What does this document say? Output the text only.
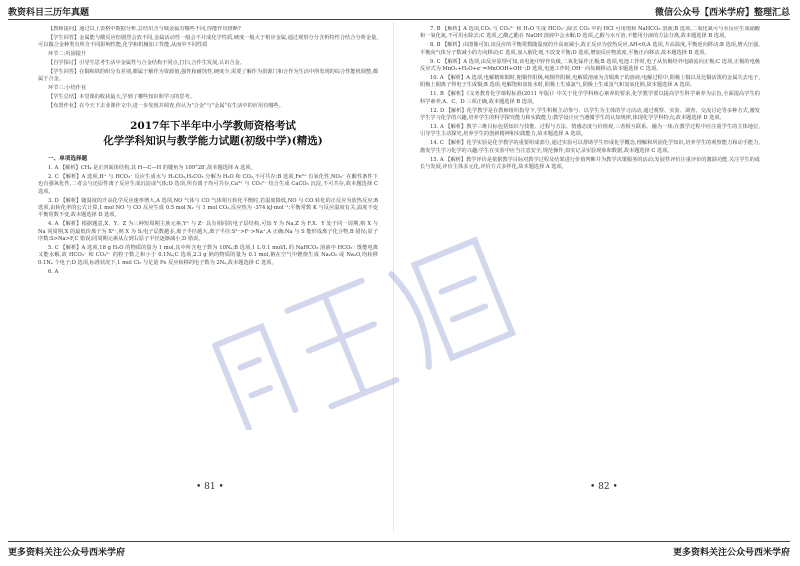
教资科目三历年真题	微信公众号【西米学府】整理汇总

【教师提问】通过以上表格中数据分析,总结出含与城金属有哪些不同,你能作出推断?

【学生回答】金属能与酸反应但剧烈会放不同,金属活动性一般会不并成化学性质,硬度一般大于相应金属,通过观察分分含析特性合结合分析金量,可以做合金种类有所含不同影响性能,化学和机械加工性能,从而中不同性质

环节二:巩固提升

【自学探讨】引导生思考生活中金属性与合金结构不同点,打扫,合作生发展,认识合金。

【学生回答】在铜和铁的组分有差别,都属于解作为资源值,强性和耐蚀性,硬度少,需要了解作为资源门和合作为生活中所发现的综合性能机调整,都属于合金。

环节三:小结作业

【学生总结】本堂课的收获最大,学到了哪些知识和学习的思考。

【布置作业】在今天下去业课作文中,进一步发现并调查,你认为"合金"与"金属"在生活中的应用有哪些。

2017年下半年中小学教师资格考试

化学学科知识与教学能力试题(初级中学)(精选)

一、单项选择题

1. A 【解析】CH₄ 是正四面体结构,其 H—C—H 的键角为 109°28′,故本题选择 A 选项。

2. C 【解析】A 选项,H⁺ 与 HCO₃⁻ 反应生成水与 H₂CO₃,H₂CO₃ 分解为 H₂O 和 CO₂,不可共存;B 选项,Fe³⁺ 有氧化性,NO₃⁻ 在酸性条件下也有强氧化性,二者会与还原性离子反应生成沉淀或气体;D 选项,所有离子均可共存,Ca²⁺ 与 CO₃²⁻ 结合生成 CaCO₃ 沉淀,不可共存,故本题选择 C 选项。

3. D 【解析】随温度的升高化学反应速率增大,A 选项,NO 气体与 CO 气体相互转化平衡时,若温度降低,NO 与 CO 转化的正反应为放热反应;B 选项,由转化率的公式计算,1 mol NO 与 CO 反应生成 0.5 mol N₂ 与 1 mol CO₂,反应热为 -374 kJ·mol⁻¹;平衡常数 K 与反应温度有关,温度不变平衡常数不变,故本题选择 D 选项。

4. A 【解析】根据题意,X、Y、Z 为三种短周期主族元素,Y⁺ 与 Z⁻ 具有相同的电子层结构,可知 Y 为 Na,Z 为 F,X、Y 处于同一周期,则 X 与 Na 同周期,X 的最低价离子为 X²⁻,则 X 为 S;电子层数越多,离子半径越大,离子半径:S²⁻>F⁻>Na⁺,A 正确;Na 与 S 能形成离子化合物,B 错误;原子序数:S>Na>F,C 错误;同周期元素从左到右原子半径逐渐减小,D 错误。

5. C 【解析】A 选项,18 g H₂O 的物质的量为 1 mol,其中所含电子数为 10Nₐ;B 选项,1 L 0.1 mol/L 的 NaHCO₃ 溶液中 HCO₃⁻ 既能电离又能水解,故 HCO₃⁻ 和 CO₃²⁻ 的粒子数之和小于 0.1Nₐ;C 选项,2.3 g 钠的物质的量为 0.1 mol,钠在空气中燃烧生成 Na₂O₂ 或 Na₂O,均转移 0.1Nₐ 个电子;D 选项,标准状况下,1 mol Cl₂ 与足量 Fe 反应转移的电子数为 2Nₐ,故本题选择 C 选项。

6. A

• 81 •

7. B 【解析】A 选项,CO₂ 与 CO₃²⁻ 和 H₂O 生成 HCO₃⁻,除去 CO₂ 中的 HCl 可用饱和 NaHCO₃ 溶液;B 选项,二氧化氮可与水反应生成硝酸和一氧化氮,不可用水除去;C 选项,乙酸乙酯在 NaOH 溶液中会水解;D 选项,乙醇与水互溶,不能用分液的方法分离,故本题选择 B 选项。

8. B 【解析】由图像可知,该反应的平衡常数随温度的升高而减小,故正反应为放热反应,ΔH<0;A 选项,升高温度,平衡逆向移动;B 选项,增大压强,平衡向气体分子数减小的方向移动;C 选项,加入催化剂,不改变平衡;D 选项,增加反应物浓度,平衡正向移动,故本题选择 B 选项。

9. C 【解析】A 选项,由反应原理可知,该电池中锌作负极,二氧化锰作正极;B 选项,电池工作时,电子从负极经外电路流向正极;C 选项,正极的电极反应式为 MnO₂+H₂O+e⁻=MnOOH+OH⁻;D 选项,电池工作时,OH⁻ 向负极移动,故本题选择 C 选项。

10. A 【解析】A 选项,电解精炼铜时,粗铜作阳极,纯铜作阴极,电解质溶液为含铜离子的溶液;电解过程中,阳极上铜以及比铜活泼的金属失去电子,阴极上铜离子得电子生成铜;B 选项,电解饱和食盐水时,阳极上生成氯气,阴极上生成氢气和氢氧化钠,故本题选择 A 选项。

11. B 【解析】《义务教育化学课程标准(2011 年版)》中关于化学学科核心素养的要求,化学教学要以提高学生科学素养为宗旨,全面提高学生的科学素养,A、C、D 三项正确,故本题选择 B 选项。

12. D 【解析】化学教学是在教师组织指导下,学生积极主动参与、以学生为主体的学习活动,通过观察、实验、调查、交流讨论等多种方式,激发学生学习化学的兴趣,培养学生的科学探究能力和实践能力;教学设计应当遵循学生的认知规律,体现化学学科特点;故本题选择 D 选项。

13. A 【解析】教学三维目标包括知识与技能、过程与方法、情感态度与价值观,三者相互联系、融为一体;在教学过程中应注重学生的主体地位,引导学生主动探究,培养学生的创新精神和实践能力,故本题选择 A 选项。

14. C 【解析】化学实验是化学教学的重要组成部分,通过实验可以帮助学生形成化学概念,理解和巩固化学知识,培养学生的观察能力和动手能力,激发学生学习化学的兴趣;学生在实验中应当注意安全,规范操作,如实记录实验现象和数据,故本题选择 C 选项。

15. A 【解析】教学评价是依据教学目标对教学过程及结果进行价值判断并为教学决策服务的活动;发展性评价注重评价的激励功能,关注学生的成长与发展,评价主体多元化,评价方式多样化,故本题选择 A 选项。

• 82 •
更多资料关注公众号西米学府	更多资料关注公众号西米学府
